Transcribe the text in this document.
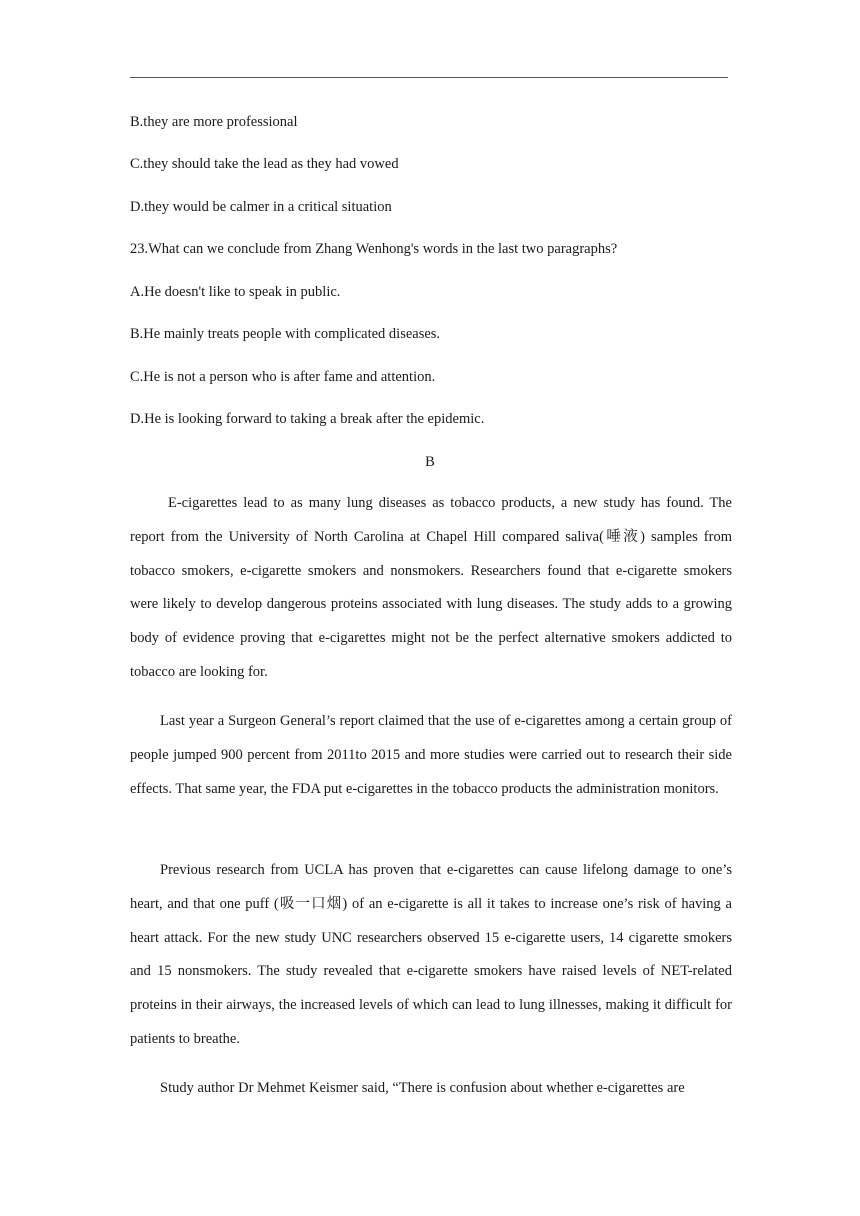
B.they are more professional
C.they should take the lead as they had vowed
D.they would be calmer in a critical situation
23.What can we conclude from Zhang Wenhong's words in the last two paragraphs?
A.He doesn't like to speak in public.
B.He mainly treats people with complicated diseases.
C.He is not a person who is after fame and attention.
D.He is looking forward to taking a break after the epidemic.
B

E-cigarettes lead to as many lung diseases as tobacco products, a new study has found. The report from the University of North Carolina at Chapel Hill compared saliva(唾液) samples from tobacco smokers, e-cigarette smokers and nonsmokers. Researchers found that e-cigarette smokers were likely to develop dangerous proteins associated with lung diseases. The study adds to a growing body of evidence proving that e-cigarettes might not be the perfect alternative smokers addicted to tobacco are looking for.

Last year a Surgeon General’s report claimed that the use of e-cigarettes among a certain group of people jumped 900 percent from 2011to 2015 and more studies were carried out to research their side effects. That same year, the FDA put e-cigarettes in the tobacco products the administration monitors.

Previous research from UCLA has proven that e-cigarettes can cause lifelong damage to one’s heart, and that one puff (吸一口烟) of an e-cigarette is all it takes to increase one’s risk of having a heart attack. For the new study UNC researchers observed 15 e-cigarette users, 14 cigarette smokers and 15 nonsmokers. The study revealed that e-cigarette smokers have raised levels of NET-related proteins in their airways, the increased levels of which can lead to lung illnesses, making it difficult for patients to breathe.

Study author Dr Mehmet Keismer said, “There is confusion about whether e-cigarettes are
